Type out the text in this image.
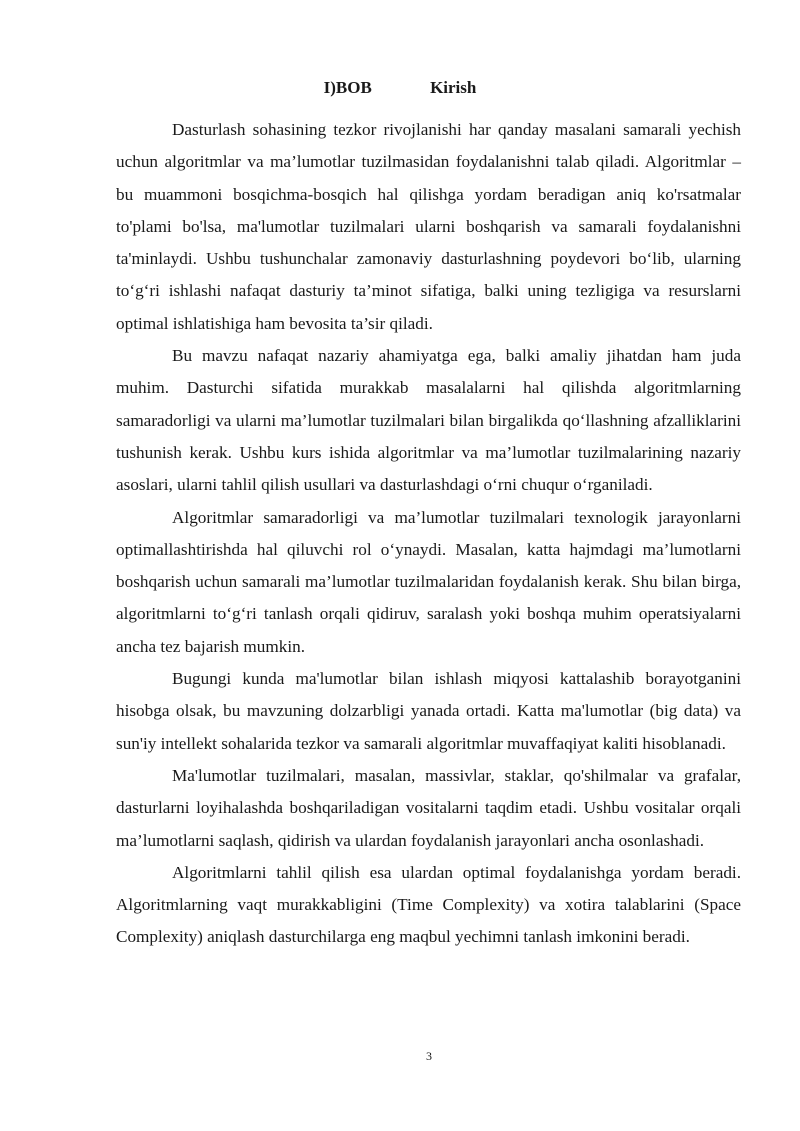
I)BOB	Kirish

Dasturlash sohasining tezkor rivojlanishi har qanday masalani samarali yechish uchun algoritmlar va ma’lumotlar tuzilmasidan foydalanishni talab qiladi. Algoritmlar – bu muammoni bosqichma-bosqich hal qilishga yordam beradigan aniq ko'rsatmalar to'plami bo'lsa, ma'lumotlar tuzilmalari ularni boshqarish va samarali foydalanishni ta'minlaydi. Ushbu tushunchalar zamonaviy dasturlashning poydevori bo‘lib, ularning to‘g‘ri ishlashi nafaqat dasturiy ta’minot sifatiga, balki uning tezligiga va resurslarni optimal ishlatishiga ham bevosita ta’sir qiladi.

Bu mavzu nafaqat nazariy ahamiyatga ega, balki amaliy jihatdan ham juda muhim. Dasturchi sifatida murakkab masalalarni hal qilishda algoritmlarning samaradorligi va ularni ma’lumotlar tuzilmalari bilan birgalikda qo‘llashning afzalliklarini tushunish kerak. Ushbu kurs ishida algoritmlar va ma’lumotlar tuzilmalarining nazariy asoslari, ularni tahlil qilish usullari va dasturlashdagi o‘rni chuqur o‘rganiladi.

Algoritmlar samaradorligi va ma’lumotlar tuzilmalari texnologik jarayonlarni optimallashtirishda hal qiluvchi rol o‘ynaydi. Masalan, katta hajmdagi ma’lumotlarni boshqarish uchun samarali ma’lumotlar tuzilmalaridan foydalanish kerak. Shu bilan birga, algoritmlarni to‘g‘ri tanlash orqali qidiruv, saralash yoki boshqa muhim operatsiyalarni ancha tez bajarish mumkin.

Bugungi kunda ma'lumotlar bilan ishlash miqyosi kattalashib borayotganini hisobga olsak, bu mavzuning dolzarbligi yanada ortadi. Katta ma'lumotlar (big data) va sun'iy intellekt sohalarida tezkor va samarali algoritmlar muvaffaqiyat kaliti hisoblanadi.

Ma'lumotlar tuzilmalari, masalan, massivlar, staklar, qo'shilmalar va grafalar, dasturlarni loyihalashda boshqariladigan vositalarni taqdim etadi. Ushbu vositalar orqali ma’lumotlarni saqlash, qidirish va ulardan foydalanish jarayonlari ancha osonlashadi.

Algoritmlarni tahlil qilish esa ulardan optimal foydalanishga yordam beradi. Algoritmlarning vaqt murakkabligini (Time Complexity) va xotira talablarini (Space Complexity) aniqlash dasturchilarga eng maqbul yechimni tanlash imkonini beradi.

3
